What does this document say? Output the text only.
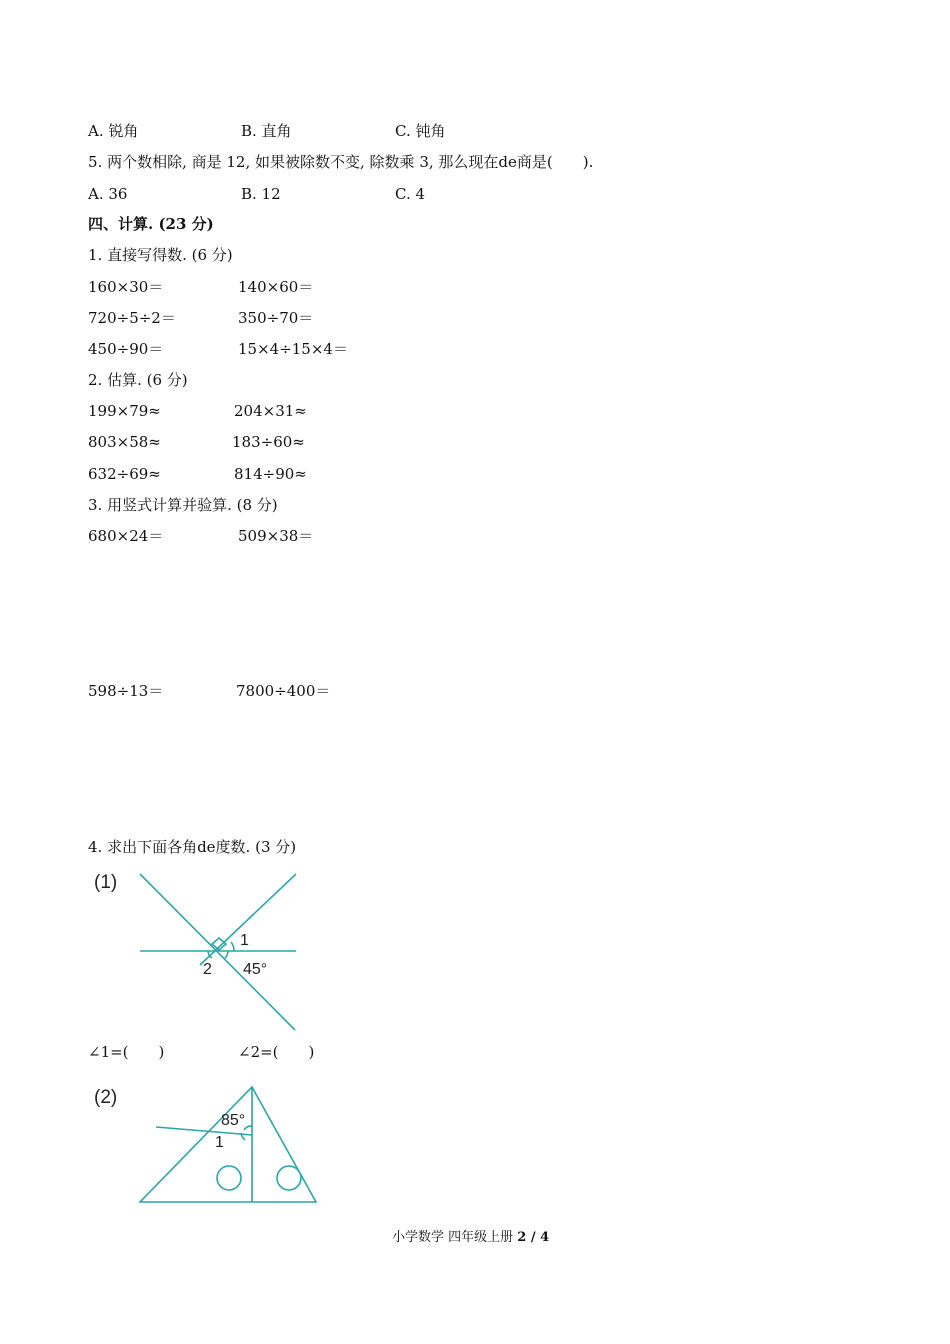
A. 锐角	B. 直角	C. 钝角
5. 两个数相除, 商是 12, 如果被除数不变, 除数乘 3, 那么现在de商是(　　).
A. 36	B. 12	C. 4
四、计算. (23 分)
1. 直接写得数. (6 分)
160×30＝	140×60＝
720÷5÷2＝	350÷70＝
450÷90＝	15×4÷15×4＝
2. 估算. (6 分)
199×79≈	204×31≈
803×58≈	183÷60≈
632÷69≈	814÷90≈
3. 用竖式计算并验算. (8 分)
680×24＝	509×38＝
598÷13＝	7800÷400＝
4. 求出下面各角de度数. (3 分)
(1)
1
2 45°
∠1=(　　)	∠2=(　　)
(2)
85°
1
小学数学 四年级上册 2 / 4
